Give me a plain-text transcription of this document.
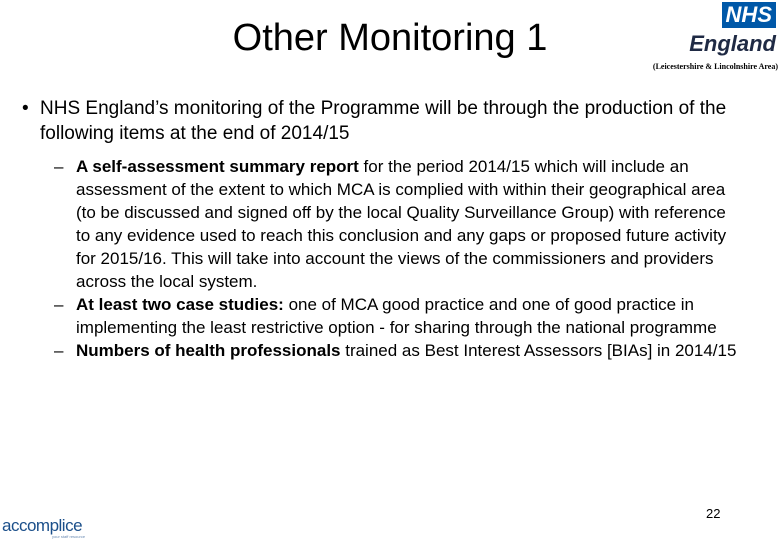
Other Monitoring 1
NHS
England
(Leicestershire & Lincolnshire Area)
• NHS England’s monitoring of the Programme will be through the production of the following items at the end of 2014/15
– A self-assessment summary report for the period 2014/15 which will include an assessment of the extent to which MCA is complied with within their geographical area (to be discussed and signed off by the local Quality Surveillance Group) with reference to any evidence used to reach this conclusion and any gaps or proposed future activity for 2015/16. This will take into account the views of the commissioners and providers across the local system.
– At least two case studies: one of MCA good practice and one of good practice in implementing the least restrictive option - for sharing through the national programme
– Numbers of health professionals trained as Best Interest Assessors [BIAs] in 2014/15
22
accomplice
your staff resource
